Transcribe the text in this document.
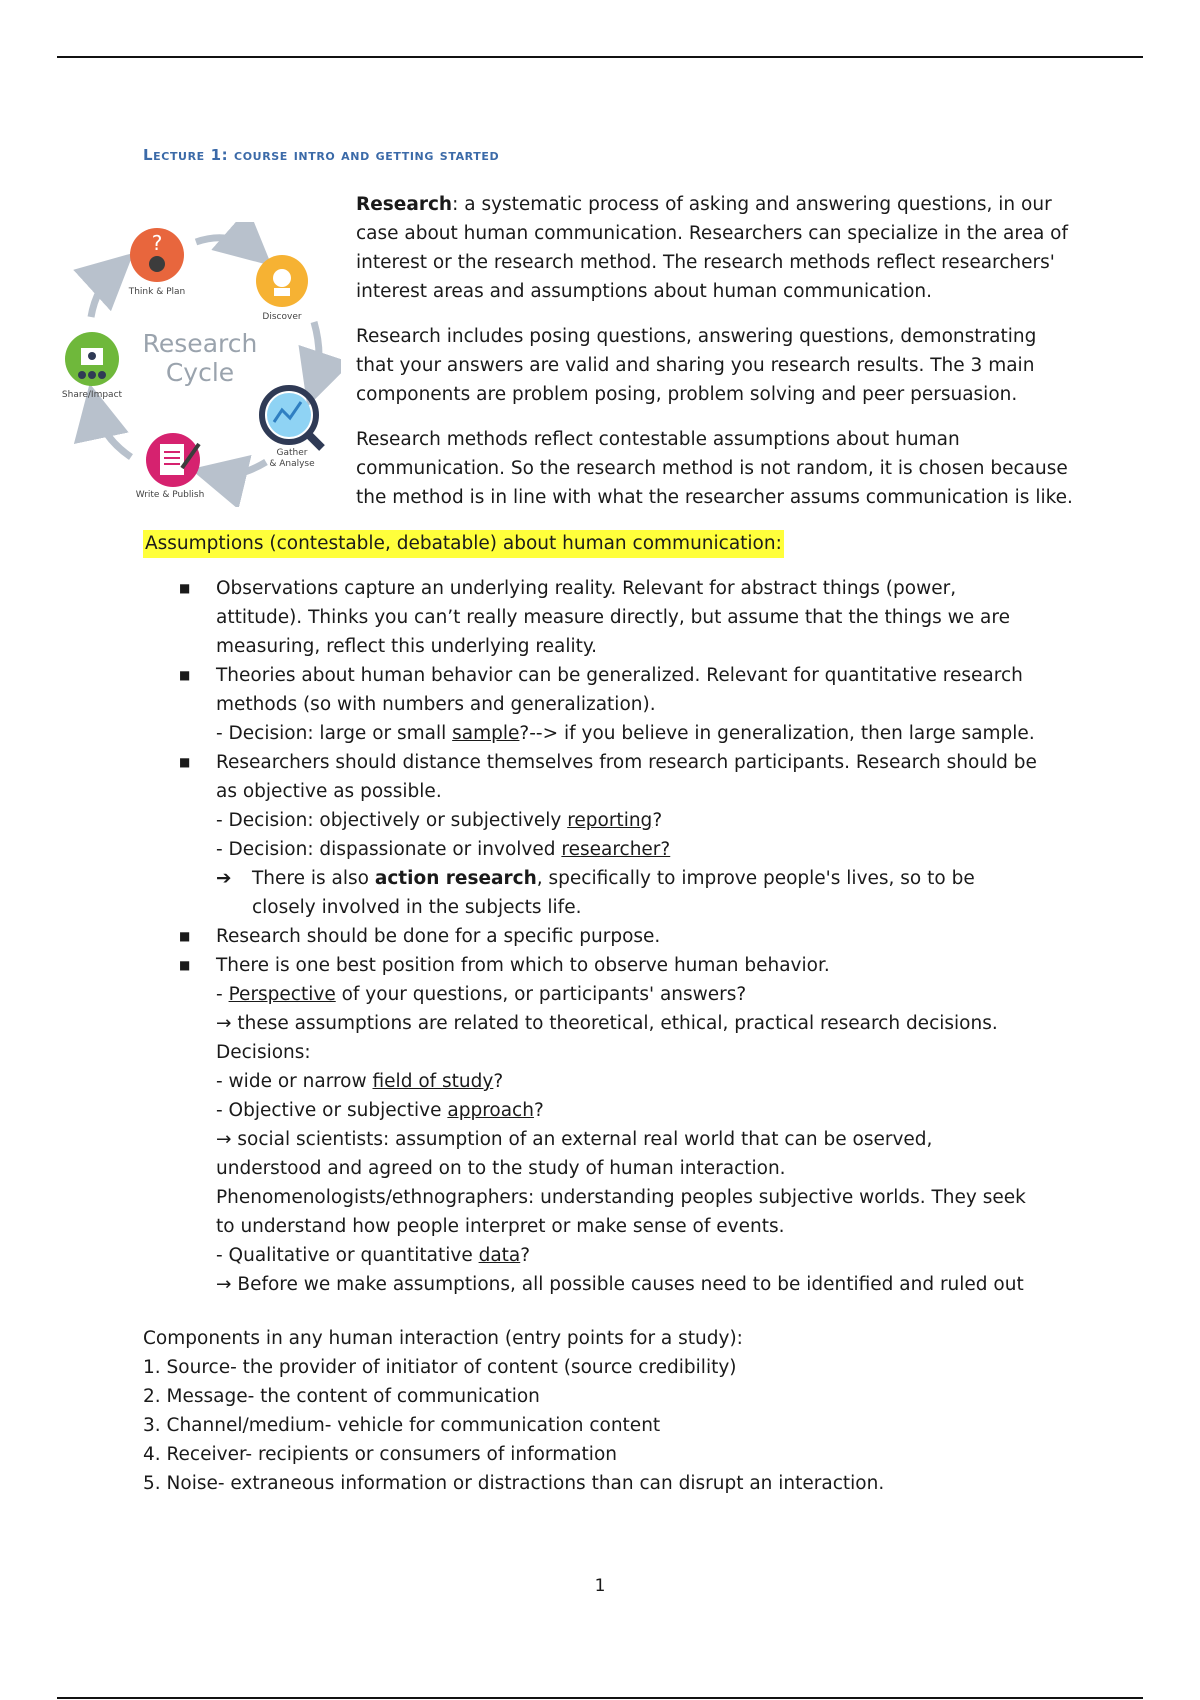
Lecture 1: course intro and getting started
?
Think & Plan
Discover
Gather
& Analyse
Write & Publish
Share/Impact
Research
Cycle

Research: a systematic process of asking and answering questions, in our case about human communication. Researchers can specialize in the area of interest or the research method. The research methods reflect researchers' interest areas and assumptions about human communication.

Research includes posing questions, answering questions, demonstrating that your answers are valid and sharing you research results. The 3 main components are problem posing, problem solving and peer persuasion.

Research methods reflect contestable assumptions about human communication. So the research method is not random, it is chosen because the method is in line with what the researcher assums communication is like.

Assumptions (contestable, debatable) about human communication:
■ Observations capture an underlying reality. Relevant for abstract things (power, attitude). Thinks you can’t really measure directly, but assume that the things we are measuring, reflect this underlying reality.
■ Theories about human behavior can be generalized. Relevant for quantitative research methods (so with numbers and generalization).
- Decision: large or small sample?--> if you believe in generalization, then large sample.
■ Researchers should distance themselves from research participants. Research should be as objective as possible.
- Decision: objectively or subjectively reporting?
- Decision: dispassionate or involved researcher?
➔ There is also action research, specifically to improve people's lives, so to be closely involved in the subjects life.
■ Research should be done for a specific purpose.
■ There is one best position from which to observe human behavior.
- Perspective of your questions, or participants' answers?
→ these assumptions are related to theoretical, ethical, practical research decisions.
Decisions:
- wide or narrow field of study?
- Objective or subjective approach?
→ social scientists: assumption of an external real world that can be oserved, understood and agreed on to the study of human interaction.
Phenomenologists/ethnographers: understanding peoples subjective worlds. They seek to understand how people interpret or make sense of events.
- Qualitative or quantitative data?
→ Before we make assumptions, all possible causes need to be identified and ruled out
Components in any human interaction (entry points for a study):
1. Source- the provider of initiator of content (source credibility)
2. Message- the content of communication
3. Channel/medium- vehicle for communication content
4. Receiver- recipients or consumers of information
5. Noise- extraneous information or distractions than can disrupt an interaction.
1
